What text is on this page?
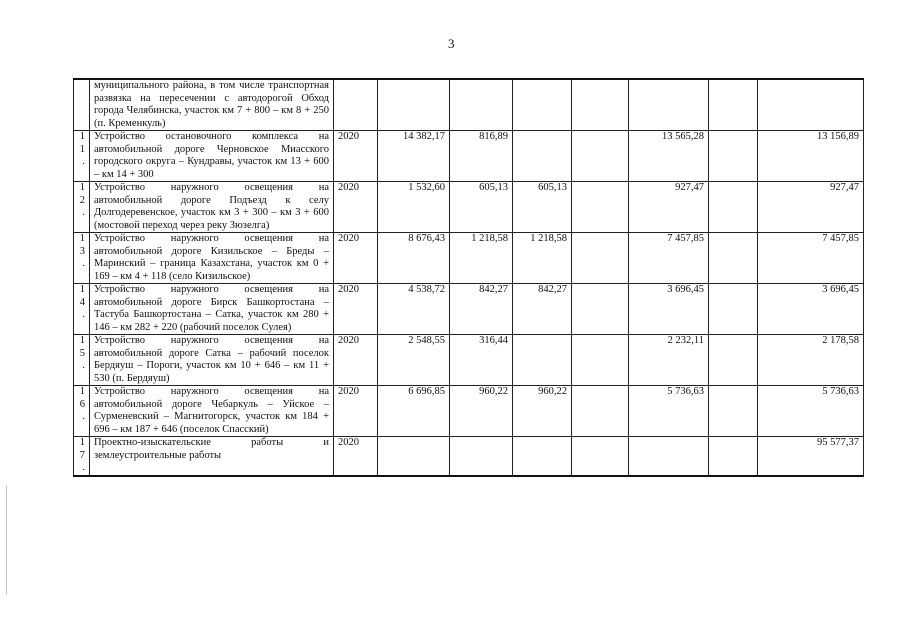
3
	муниципального района, в том числе транспортная развязка на пересечении с автодорогой Обход города Челябинска, участок км 7 + 800 – км 8 + 250 (п. Кременкуль)								
11.	Устройство остановочного комплекса на автомобильной дороге Черновское Миасского городского округа – Кундравы, участок км 13 + 600 – км 14 + 300	2020	14 382,17	816,89			13 565,28		13 156,89
12.	Устройство наружного освещения на автомобильной дороге Подъезд к селу Долгодеревенское, участок км 3 + 300 – км 3 + 600 (мостовой переход через реку Зюзелга)	2020	1 532,60	605,13	605,13		927,47		927,47
13.	Устройство наружного освещения на автомобильной дороге Кизильское – Бреды – Маринский – граница Казахстана, участок км 0 + 169 – км 4 + 118 (село Кизильское)	2020	8 676,43	1 218,58	1 218,58		7 457,85		7 457,85
14.	Устройство наружного освещения на автомобильной дороге Бирск Башкортостана – Тастуба Башкортостана – Сатка, участок км 280 + 146 – км 282 + 220 (рабочий поселок Сулея)	2020	4 538,72	842,27	842,27		3 696,45		3 696,45
15.	Устройство наружного освещения на автомобильной дороге Сатка – рабочий поселок Бердяуш – Пороги, участок км 10 + 646 – км 11 + 530 (п. Бердяуш)	2020	2 548,55	316,44			2 232,11		2 178,58
16.	Устройство наружного освещения на автомобильной дороге Чебаркуль – Уйское – Сурменевский – Магнитогорск, участок км 184 + 696 – км 187 + 646 (поселок Спасский)	2020	6 696,85	960,22	960,22		5 736,63		5 736,63
17.	Проектно-изыскательские работы и землеустроительные работы	2020							95 577,37
